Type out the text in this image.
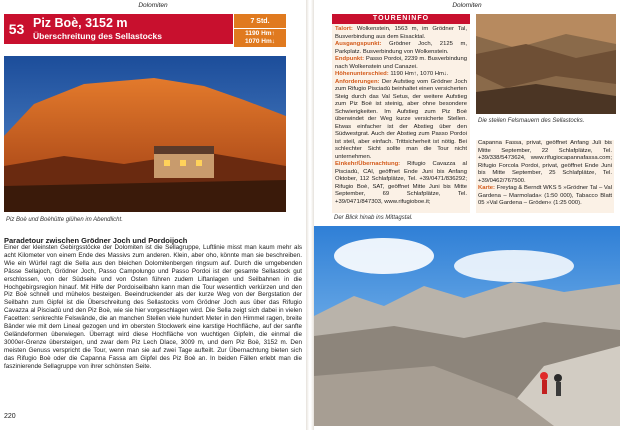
Dolomiten
53 Piz Boè, 3152 m
Überschreitung des Sellastocks
7 Std.
1190 Hm↑
1070 Hm↓
Piz Boè und Boèhütte glühen im Abendlicht.
Paradetour zwischen Grödner Joch und Pordoijoch
Einer der kleinsten Gebirgsstöcke der Dolomiten ist die Sellagruppe, Luftlinie misst man kaum mehr als acht Kilometer von einem Ende des Massivs zum anderen. Klein, aber oho, könnte man sie beschreiben. Wie ein Würfel ragt die Sella aus den bleichen Dolomitenbergen ringsum auf. Durch die umgebenden Pässe Sellajoch, Grödner Joch, Passo Campolungo und Passo Pordoi ist der gesamte Sellastock gut erschlossen, von der Südseite und von Osten führen zudem Liftanlagen und Seilbahnen in die Hochgebirgsregion hinauf. Mit Hilfe der Pordoiseilbahn kann man die Tour wesentlich verkürzen und den Piz Boè schnell und mühelos besteigen. Beeindruckender als der kurze Weg von der Bergstation der Seilbahn zum Gipfel ist die Überschreitung des Sellastocks vom Grödner Joch aus über das Rifugio Cavazza al Pisciadù und den Piz Boè, wie sie hier vorgeschlagen wird. Die Sella zeigt sich dabei in vielen Facetten: senkrechte Felswände, die an manchen Stellen viele hundert Meter in den Himmel ragen, breite Bänder wie mit dem Lineal gezogen und im obersten Stockwerk eine karstige Hochfläche, auf der sanfte Geländeformen überwiegen. Überragt wird diese Hochfläche von wuchtigen Gipfeln, die einmal die 3000er-Grenze übersteigen, und zwar dem Piz Lech Dlace, 3009 m, und dem Piz Boè, 3152 m. Den meisten Genuss verspricht die Tour, wenn man sie auf zwei Tage aufteilt. Zur Übernachtung bieten sich das Rifugio Boè oder die Capanna Fassa am Gipfel des Piz Boè an. In beiden Fällen erlebt man die faszinierende Sellagruppe von ihrer schönsten Seite.
220
Dolomiten
TOURENINFO

Talort: Wolkenstein, 1563 m, im Grödner Tal, Busverbindung aus dem Eisacktal.

Ausgangspunkt: Grödner Joch, 2125 m, Parkplatz. Busverbindung von Wolkenstein.

Endpunkt: Passo Pordoi, 2239 m. Busverbindung nach Wolkenstein und Canazei.

Höhenunterschied: 1190 Hm↑, 1070 Hm↓.

Anforderungen: Der Aufstieg vom Grödner Joch zum Rifugio Pisciadù beinhaltet einen versicherten Steig durch das Val Setus, der weitere Aufstieg zum Piz Boè ist steinig, aber ohne besondere Schwierigkeiten. Im Aufstieg zum Piz Boè überwindet der Weg kurze versicherte Stellen. Etwas einfacher ist der Abstieg über den Südwestgrat. Auch der Abstieg zum Passo Pordoi ist steil, aber einfach. Trittsicherheit ist nötig. Bei schlechter Sicht sollte man die Tour nicht unternehmen.

Einkehr/Übernachtung: Rifugio Cavazza al Pisciadù, CAI, geöffnet Ende Juni bis Anfang Oktober, 112 Schlafplätze, Tel. +39/0471/836292; Rifugio Boè, SAT, geöffnet Mitte Juni bis Mitte September, 69 Schlafplätze, Tel. +39/0471/847303, www.rifugioboe.it;

Die steilen Felsmauern des Sellastocks.
Capanna Fassa, privat, geöffnet Anfang Juli bis Mitte September, 22 Schlafplätze, Tel. +39/338/5473624, www.rifugiocapannafassa.com; Rifugio Forcola Pordoi, privat, geöffnet Ende Juni bis Mitte September, 25 Schlafplätze, Tel. +39/0462/767500.
Karte: Freytag & Berndt WKS 5 »Grödner Tal – Val Gardena – Marmolada« (1:50 000), Tabacco Blatt 05 »Val Gardena – Gröden« (1:25 000).
Der Blick hinab ins Mittagstal.
